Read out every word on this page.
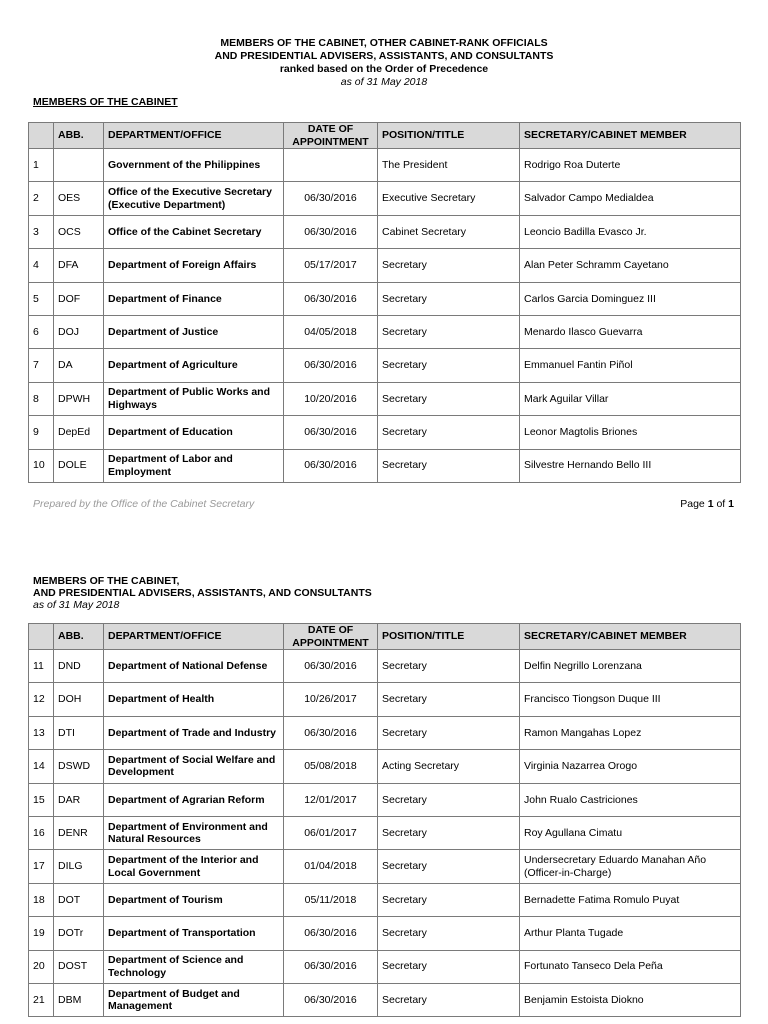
MEMBERS OF THE CABINET, OTHER CABINET-RANK OFFICIALS
AND PRESIDENTIAL ADVISERS, ASSISTANTS, AND CONSULTANTS
ranked based on the Order of Precedence
as of 31 May 2018
MEMBERS OF THE CABINET
	ABB.	DEPARTMENT/OFFICE	DATE OF
APPOINTMENT	POSITION/TITLE	SECRETARY/CABINET MEMBER
1		Government of the Philippines		The President	Rodrigo Roa Duterte
2	OES	Office of the Executive Secretary (Executive Department)	06/30/2016	Executive Secretary	Salvador Campo Medialdea
3	OCS	Office of the Cabinet Secretary	06/30/2016	Cabinet Secretary	Leoncio Badilla Evasco Jr.
4	DFA	Department of Foreign Affairs	05/17/2017	Secretary	Alan Peter Schramm Cayetano
5	DOF	Department of Finance	06/30/2016	Secretary	Carlos Garcia Dominguez III
6	DOJ	Department of Justice	04/05/2018	Secretary	Menardo Ilasco Guevarra
7	DA	Department of Agriculture	06/30/2016	Secretary	Emmanuel Fantin Piñol
8	DPWH	Department of Public Works and Highways	10/20/2016	Secretary	Mark Aguilar Villar
9	DepEd	Department of Education	06/30/2016	Secretary	Leonor Magtolis Briones
10	DOLE	Department of Labor and Employment	06/30/2016	Secretary	Silvestre Hernando Bello III
Prepared by the Office of the Cabinet Secretary	Page 1 of 1
MEMBERS OF THE CABINET,
AND PRESIDENTIAL ADVISERS, ASSISTANTS, AND CONSULTANTS
as of 31 May 2018
	ABB.	DEPARTMENT/OFFICE	DATE OF
APPOINTMENT	POSITION/TITLE	SECRETARY/CABINET MEMBER
11	DND	Department of National Defense	06/30/2016	Secretary	Delfin Negrillo Lorenzana
12	DOH	Department of Health	10/26/2017	Secretary	Francisco Tiongson Duque III
13	DTI	Department of Trade and Industry	06/30/2016	Secretary	Ramon Mangahas Lopez
14	DSWD	Department of Social Welfare and Development	05/08/2018	Acting Secretary	Virginia Nazarrea Orogo
15	DAR	Department of Agrarian Reform	12/01/2017	Secretary	John Rualo Castriciones
16	DENR	Department of Environment and Natural Resources	06/01/2017	Secretary	Roy Agullana Cimatu
17	DILG	Department of the Interior and Local Government	01/04/2018	Secretary	Undersecretary Eduardo Manahan Año (Officer-in-Charge)
18	DOT	Department of Tourism	05/11/2018	Secretary	Bernadette Fatima Romulo Puyat
19	DOTr	Department of Transportation	06/30/2016	Secretary	Arthur Planta Tugade
20	DOST	Department of Science and Technology	06/30/2016	Secretary	Fortunato Tanseco Dela Peña
21	DBM	Department of Budget and Management	06/30/2016	Secretary	Benjamin Estoista Diokno
